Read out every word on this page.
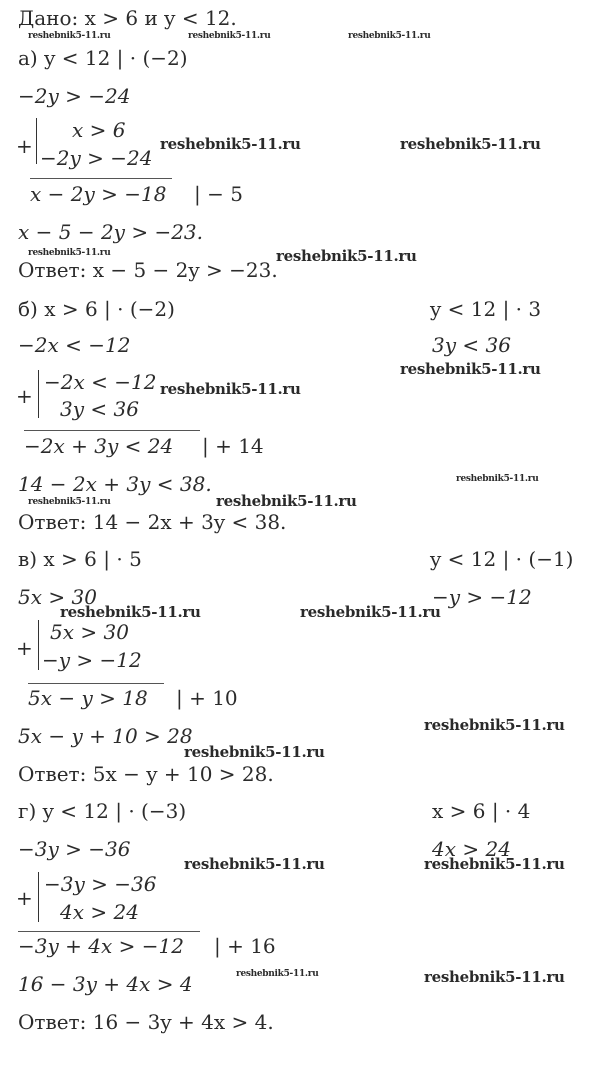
Дано: x > 6 и y < 12.
reshebnik5-11.ru	reshebnik5-11.ru	reshebnik5-11.ru
а) y < 12 | · (−2)
−2y > −24
+
x > 6
−2y > −24
reshebnik5-11.ru	reshebnik5-11.ru
x − 2y > −18 | − 5
x − 5 − 2y > −23.
reshebnik5-11.ru	reshebnik5-11.ru
Ответ: x − 5 − 2y > −23.
б) x > 6 | · (−2)	y < 12 | · 3
−2x < −12	3y < 36
reshebnik5-11.ru
+
−2x < −12 reshebnik5-11.ru
3y < 36
−2x + 3y < 24 | + 14
14 − 2x + 3y < 38.	reshebnik5-11.ru
reshebnik5-11.ru	reshebnik5-11.ru
Ответ: 14 − 2x + 3y < 38.
в) x > 6 | · 5	y < 12 | · (−1)
5x > 30	−y > −12
reshebnik5-11.ru	reshebnik5-11.ru
+
5x > 30
−y > −12
5x − y > 18 | + 10
5x − y + 10 > 28	reshebnik5-11.ru
reshebnik5-11.ru
Ответ: 5x − y + 10 > 28.
г) y < 12 | · (−3)	x > 6 | · 4
−3y > −36	4x > 24
reshebnik5-11.ru	reshebnik5-11.ru
+
−3y > −36
4x > 24
−3y + 4x > −12 | + 16
16 − 3y + 4x > 4	reshebnik5-11.ru	reshebnik5-11.ru
Ответ: 16 − 3y + 4x > 4.
